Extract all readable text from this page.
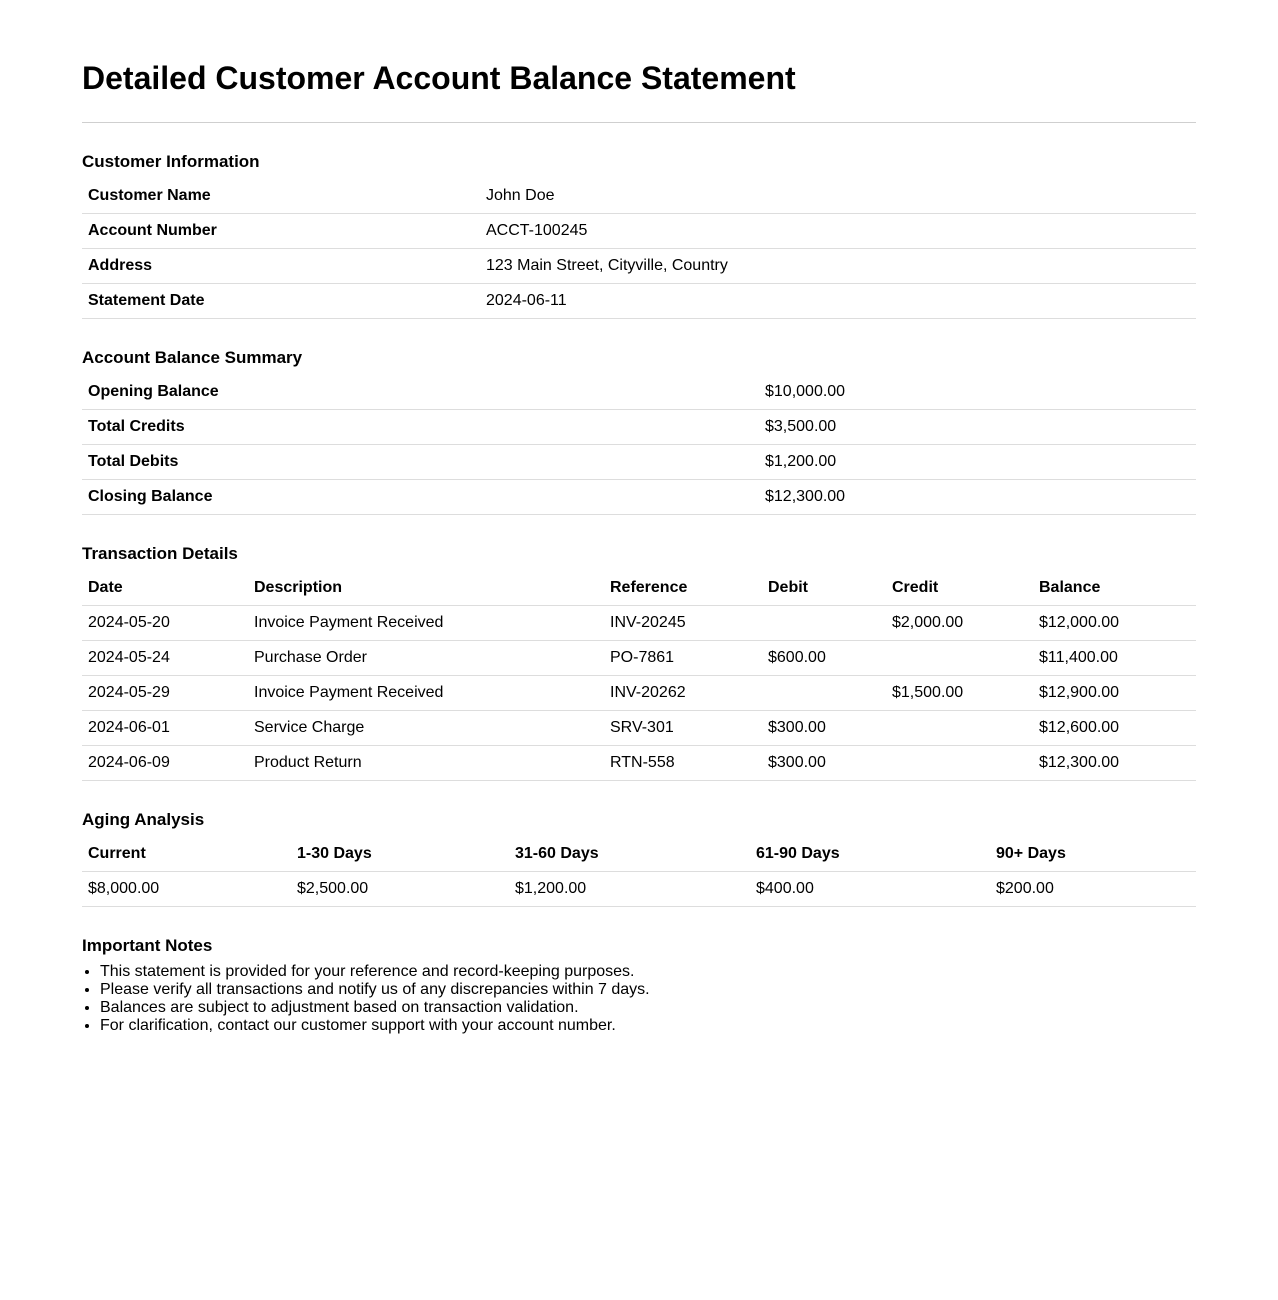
Detailed Customer Account Balance Statement
Customer Information
Customer Name	John Doe
Account Number	ACCT-100245
Address	123 Main Street, Cityville, Country
Statement Date	2024-06-11
Account Balance Summary
Opening Balance	$10,000.00
Total Credits	$3,500.00
Total Debits	$1,200.00
Closing Balance	$12,300.00
Transaction Details
Date	Description	Reference	Debit	Credit	Balance
2024-05-20	Invoice Payment Received	INV-20245		$2,000.00	$12,000.00
2024-05-24	Purchase Order	PO-7861	$600.00		$11,400.00
2024-05-29	Invoice Payment Received	INV-20262		$1,500.00	$12,900.00
2024-06-01	Service Charge	SRV-301	$300.00		$12,600.00
2024-06-09	Product Return	RTN-558	$300.00		$12,300.00
Aging Analysis
Current	1-30 Days	31-60 Days	61-90 Days	90+ Days
$8,000.00	$2,500.00	$1,200.00	$400.00	$200.00
Important Notes
• This statement is provided for your reference and record-keeping purposes.
• Please verify all transactions and notify us of any discrepancies within 7 days.
• Balances are subject to adjustment based on transaction validation.
• For clarification, contact our customer support with your account number.
